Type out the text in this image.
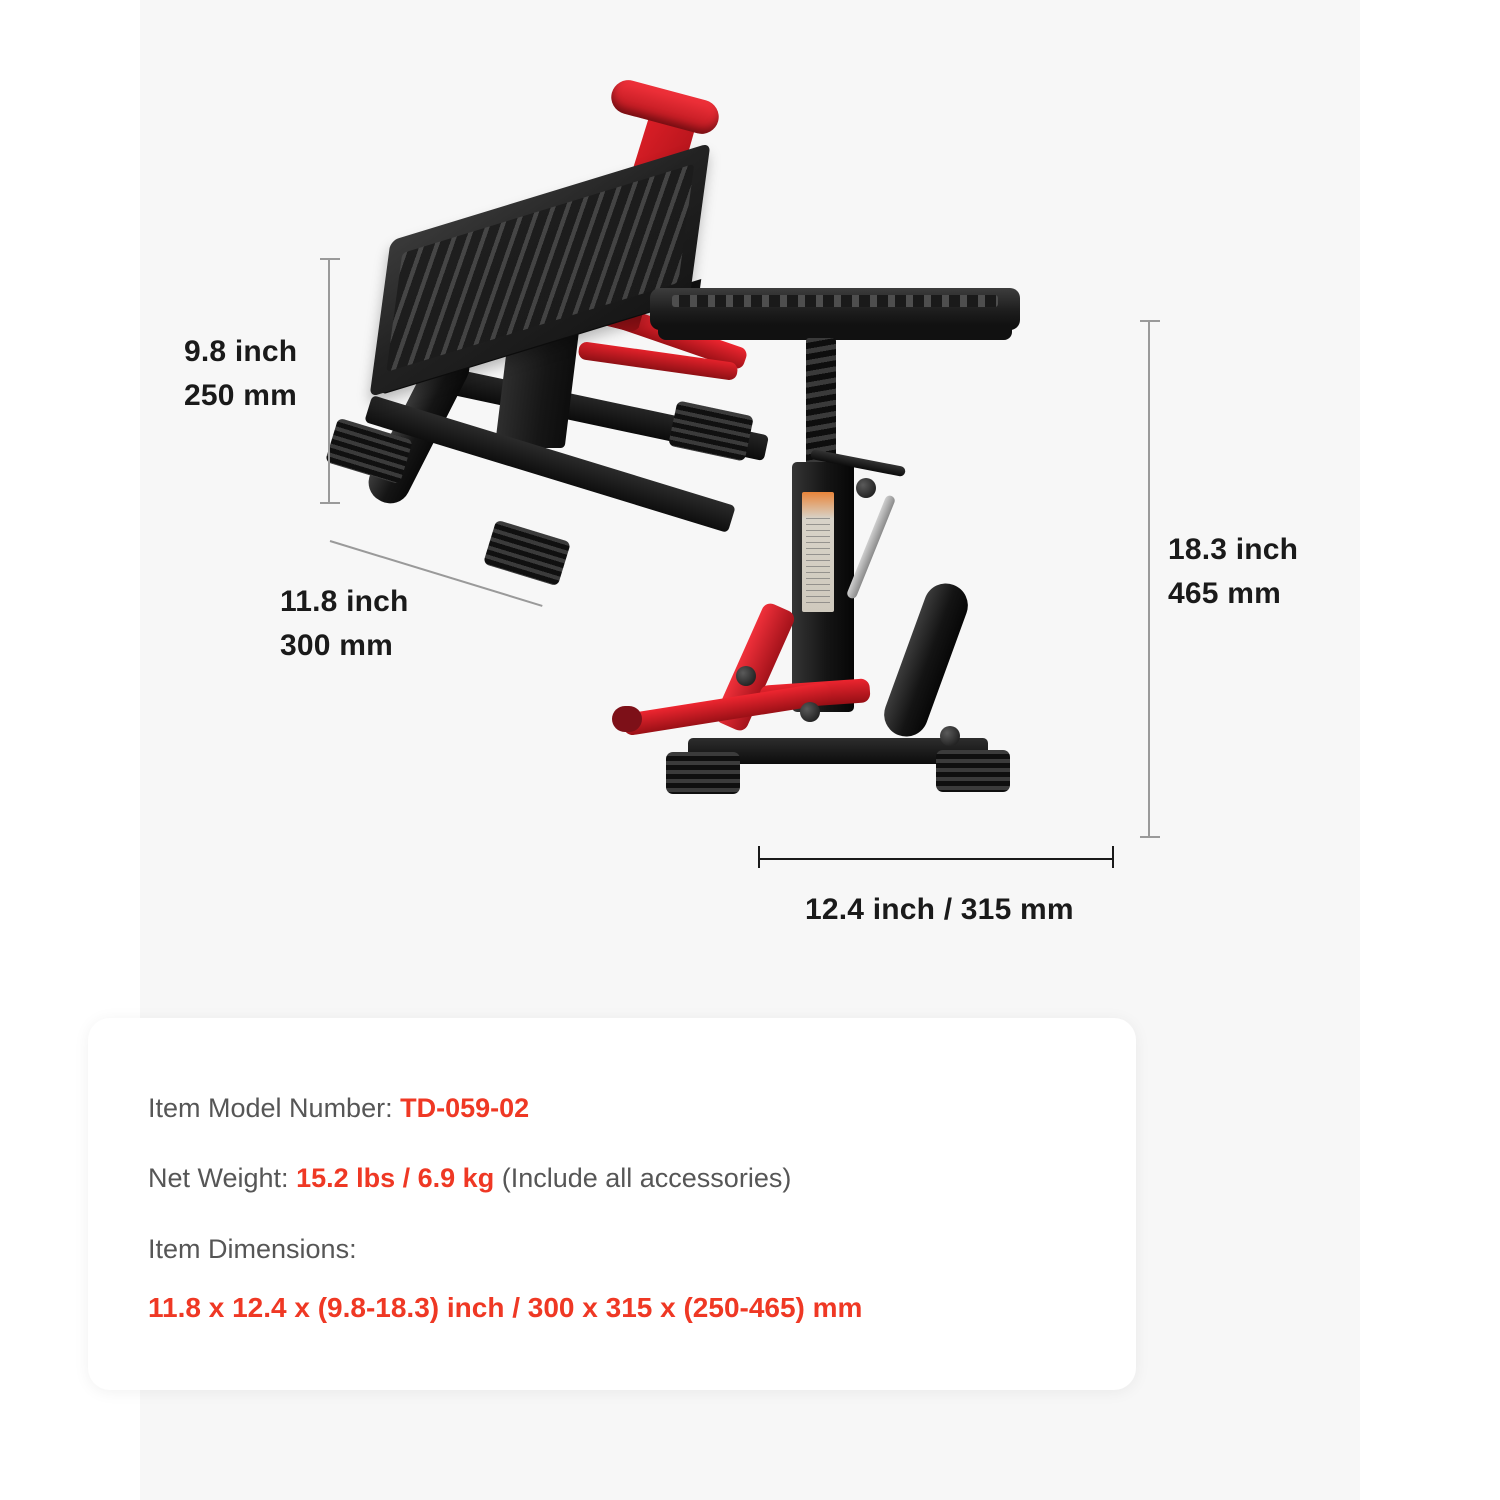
9.8 inch
250 mm
11.8 inch
300 mm
18.3 inch
465 mm
12.4 inch / 315 mm
Item Model Number: TD-059-02
Net Weight: 15.2 lbs / 6.9 kg (Include all accessories)
Item Dimensions:
11.8 x 12.4 x (9.8-18.3) inch / 300 x 315 x (250-465) mm
